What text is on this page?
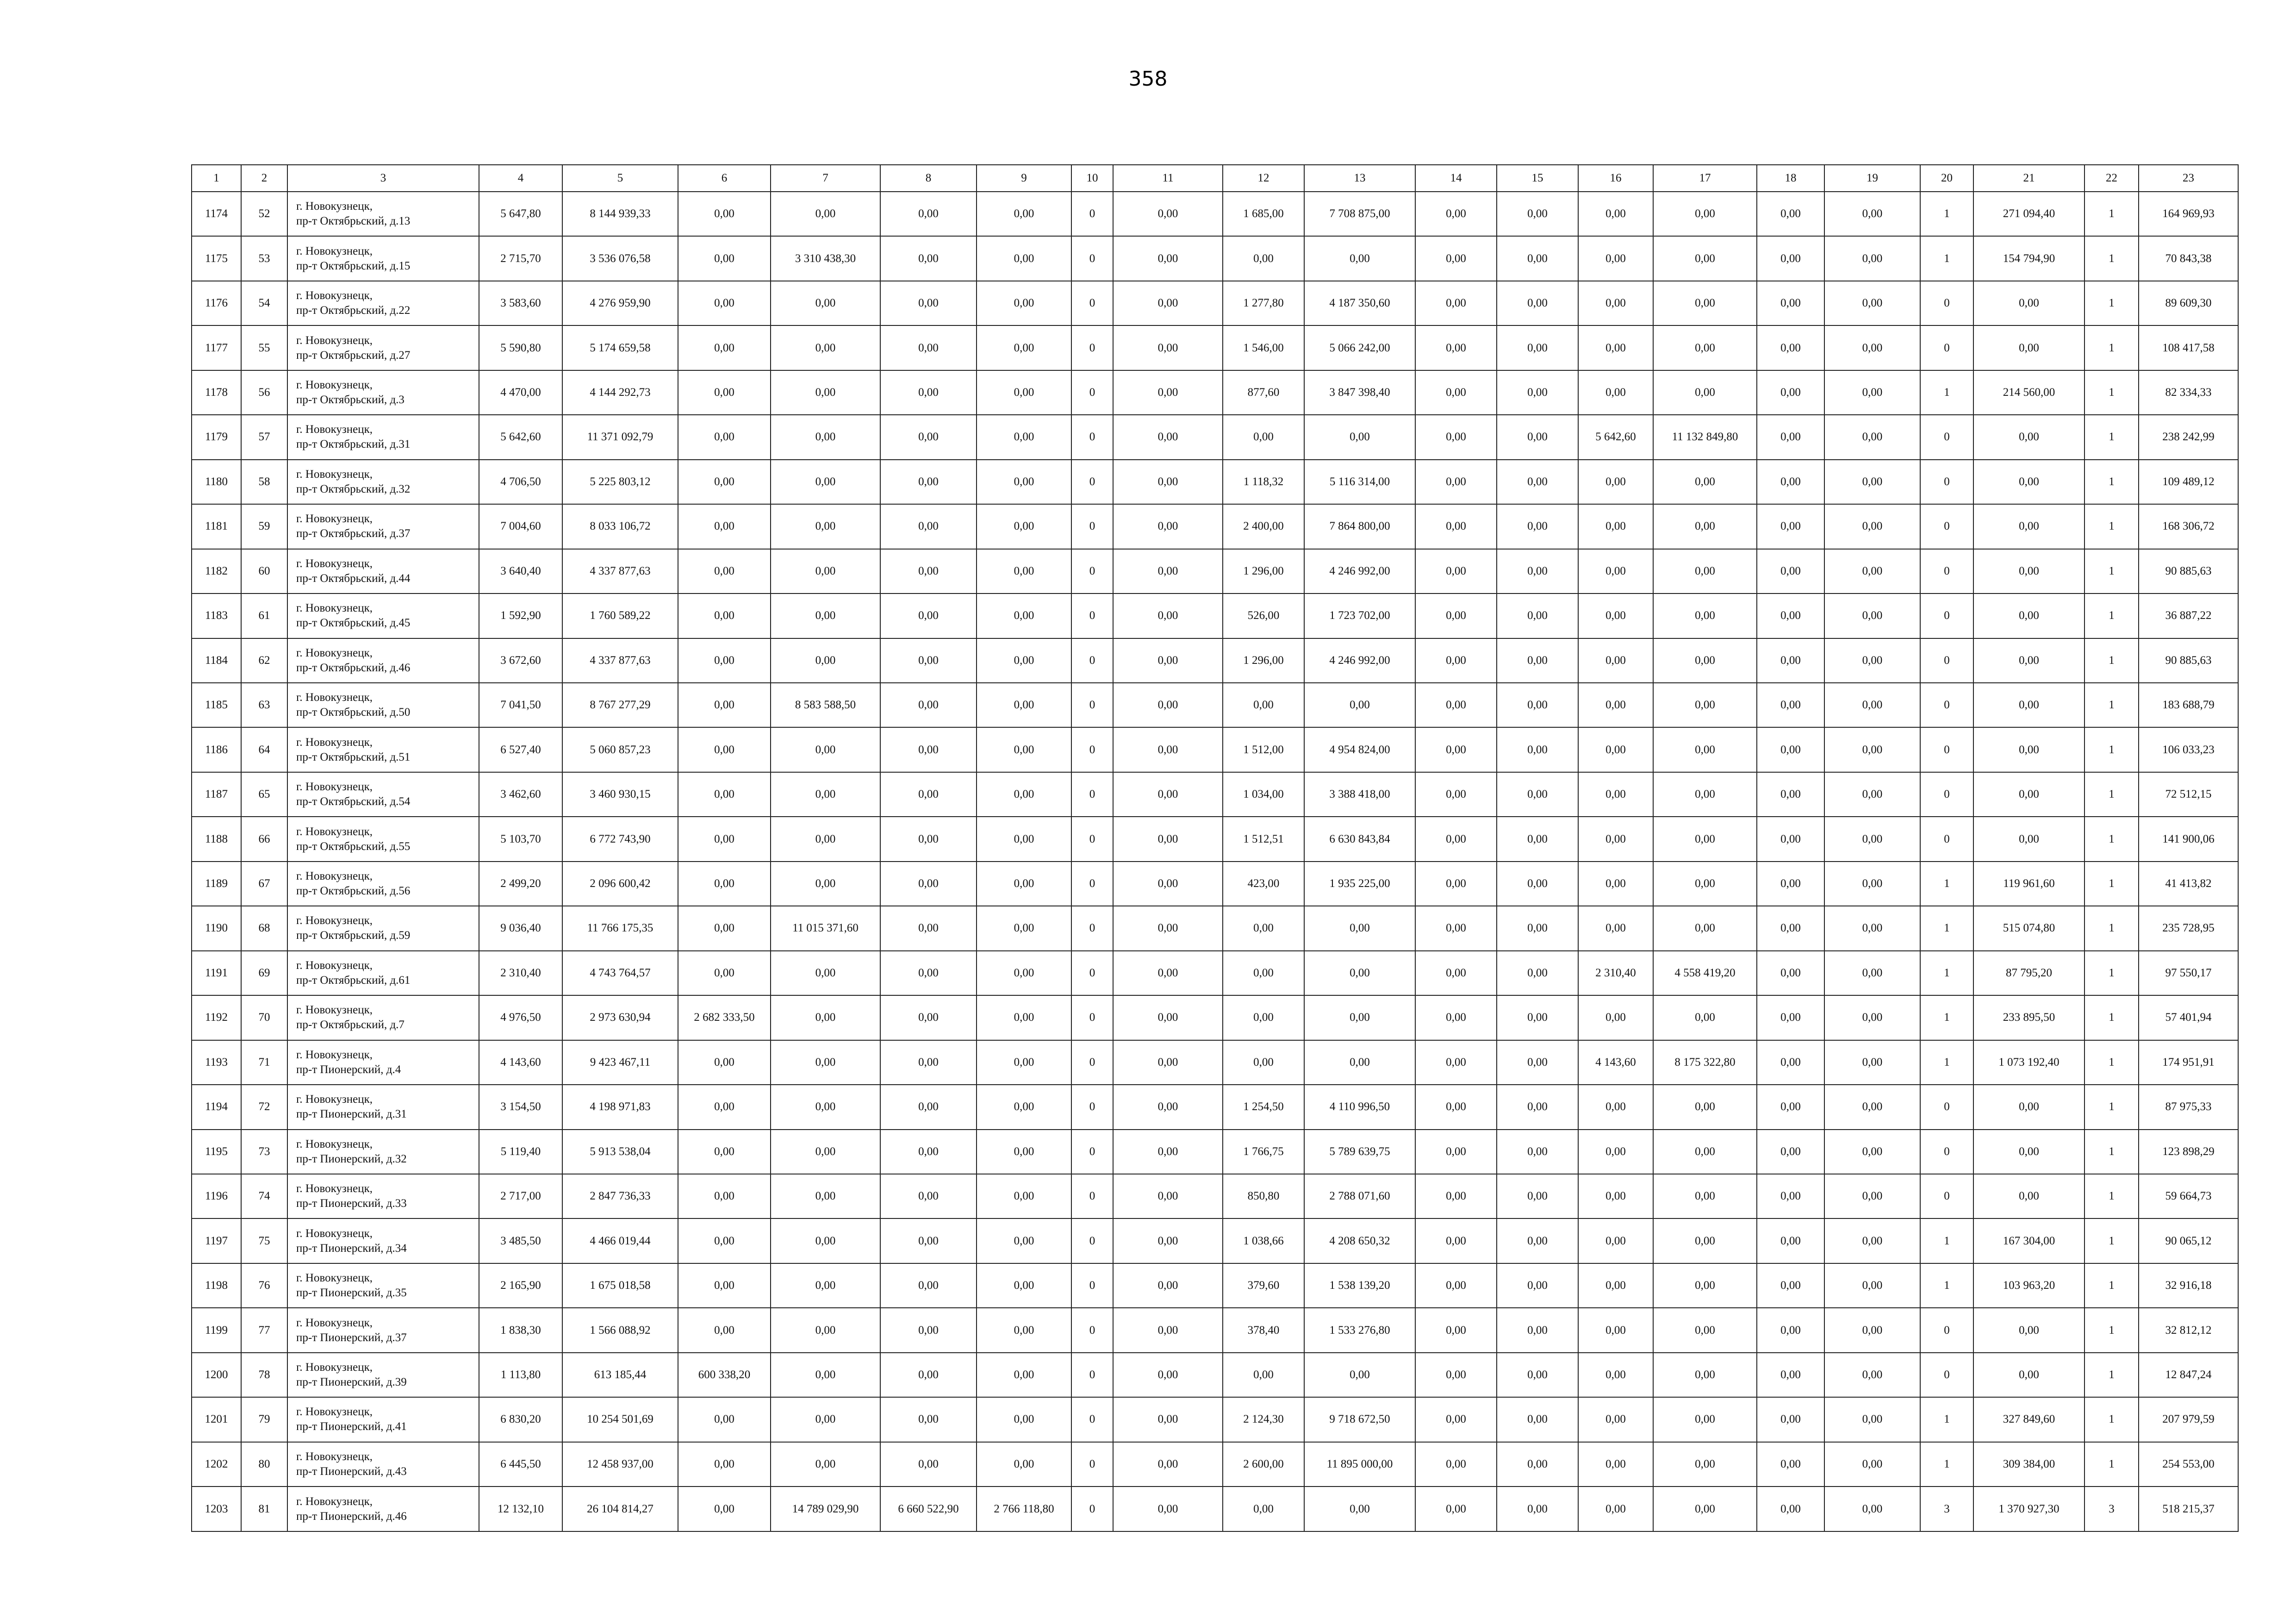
358
1	2	3	4	5	6	7	8	9	10	11	12	13	14	15	16	17	18	19	20	21	22	23
1174	52	г. Новокузнецк,
пр-т Октябрьский, д.13	5 647,80	8 144 939,33	0,00	0,00	0,00	0,00	0	0,00	1 685,00	7 708 875,00	0,00	0,00	0,00	0,00	0,00	0,00	1	271 094,40	1	164 969,93
1175	53	г. Новокузнецк,
пр-т Октябрьский, д.15	2 715,70	3 536 076,58	0,00	3 310 438,30	0,00	0,00	0	0,00	0,00	0,00	0,00	0,00	0,00	0,00	0,00	0,00	1	154 794,90	1	70 843,38
1176	54	г. Новокузнецк,
пр-т Октябрьский, д.22	3 583,60	4 276 959,90	0,00	0,00	0,00	0,00	0	0,00	1 277,80	4 187 350,60	0,00	0,00	0,00	0,00	0,00	0,00	0	0,00	1	89 609,30
1177	55	г. Новокузнецк,
пр-т Октябрьский, д.27	5 590,80	5 174 659,58	0,00	0,00	0,00	0,00	0	0,00	1 546,00	5 066 242,00	0,00	0,00	0,00	0,00	0,00	0,00	0	0,00	1	108 417,58
1178	56	г. Новокузнецк,
пр-т Октябрьский, д.3	4 470,00	4 144 292,73	0,00	0,00	0,00	0,00	0	0,00	877,60	3 847 398,40	0,00	0,00	0,00	0,00	0,00	0,00	1	214 560,00	1	82 334,33
1179	57	г. Новокузнецк,
пр-т Октябрьский, д.31	5 642,60	11 371 092,79	0,00	0,00	0,00	0,00	0	0,00	0,00	0,00	0,00	0,00	5 642,60	11 132 849,80	0,00	0,00	0	0,00	1	238 242,99
1180	58	г. Новокузнецк,
пр-т Октябрьский, д.32	4 706,50	5 225 803,12	0,00	0,00	0,00	0,00	0	0,00	1 118,32	5 116 314,00	0,00	0,00	0,00	0,00	0,00	0,00	0	0,00	1	109 489,12
1181	59	г. Новокузнецк,
пр-т Октябрьский, д.37	7 004,60	8 033 106,72	0,00	0,00	0,00	0,00	0	0,00	2 400,00	7 864 800,00	0,00	0,00	0,00	0,00	0,00	0,00	0	0,00	1	168 306,72
1182	60	г. Новокузнецк,
пр-т Октябрьский, д.44	3 640,40	4 337 877,63	0,00	0,00	0,00	0,00	0	0,00	1 296,00	4 246 992,00	0,00	0,00	0,00	0,00	0,00	0,00	0	0,00	1	90 885,63
1183	61	г. Новокузнецк,
пр-т Октябрьский, д.45	1 592,90	1 760 589,22	0,00	0,00	0,00	0,00	0	0,00	526,00	1 723 702,00	0,00	0,00	0,00	0,00	0,00	0,00	0	0,00	1	36 887,22
1184	62	г. Новокузнецк,
пр-т Октябрьский, д.46	3 672,60	4 337 877,63	0,00	0,00	0,00	0,00	0	0,00	1 296,00	4 246 992,00	0,00	0,00	0,00	0,00	0,00	0,00	0	0,00	1	90 885,63
1185	63	г. Новокузнецк,
пр-т Октябрьский, д.50	7 041,50	8 767 277,29	0,00	8 583 588,50	0,00	0,00	0	0,00	0,00	0,00	0,00	0,00	0,00	0,00	0,00	0,00	0	0,00	1	183 688,79
1186	64	г. Новокузнецк,
пр-т Октябрьский, д.51	6 527,40	5 060 857,23	0,00	0,00	0,00	0,00	0	0,00	1 512,00	4 954 824,00	0,00	0,00	0,00	0,00	0,00	0,00	0	0,00	1	106 033,23
1187	65	г. Новокузнецк,
пр-т Октябрьский, д.54	3 462,60	3 460 930,15	0,00	0,00	0,00	0,00	0	0,00	1 034,00	3 388 418,00	0,00	0,00	0,00	0,00	0,00	0,00	0	0,00	1	72 512,15
1188	66	г. Новокузнецк,
пр-т Октябрьский, д.55	5 103,70	6 772 743,90	0,00	0,00	0,00	0,00	0	0,00	1 512,51	6 630 843,84	0,00	0,00	0,00	0,00	0,00	0,00	0	0,00	1	141 900,06
1189	67	г. Новокузнецк,
пр-т Октябрьский, д.56	2 499,20	2 096 600,42	0,00	0,00	0,00	0,00	0	0,00	423,00	1 935 225,00	0,00	0,00	0,00	0,00	0,00	0,00	1	119 961,60	1	41 413,82
1190	68	г. Новокузнецк,
пр-т Октябрьский, д.59	9 036,40	11 766 175,35	0,00	11 015 371,60	0,00	0,00	0	0,00	0,00	0,00	0,00	0,00	0,00	0,00	0,00	0,00	1	515 074,80	1	235 728,95
1191	69	г. Новокузнецк,
пр-т Октябрьский, д.61	2 310,40	4 743 764,57	0,00	0,00	0,00	0,00	0	0,00	0,00	0,00	0,00	0,00	2 310,40	4 558 419,20	0,00	0,00	1	87 795,20	1	97 550,17
1192	70	г. Новокузнецк,
пр-т Октябрьский, д.7	4 976,50	2 973 630,94	2 682 333,50	0,00	0,00	0,00	0	0,00	0,00	0,00	0,00	0,00	0,00	0,00	0,00	0,00	1	233 895,50	1	57 401,94
1193	71	г. Новокузнецк,
пр-т Пионерский, д.4	4 143,60	9 423 467,11	0,00	0,00	0,00	0,00	0	0,00	0,00	0,00	0,00	0,00	4 143,60	8 175 322,80	0,00	0,00	1	1 073 192,40	1	174 951,91
1194	72	г. Новокузнецк,
пр-т Пионерский, д.31	3 154,50	4 198 971,83	0,00	0,00	0,00	0,00	0	0,00	1 254,50	4 110 996,50	0,00	0,00	0,00	0,00	0,00	0,00	0	0,00	1	87 975,33
1195	73	г. Новокузнецк,
пр-т Пионерский, д.32	5 119,40	5 913 538,04	0,00	0,00	0,00	0,00	0	0,00	1 766,75	5 789 639,75	0,00	0,00	0,00	0,00	0,00	0,00	0	0,00	1	123 898,29
1196	74	г. Новокузнецк,
пр-т Пионерский, д.33	2 717,00	2 847 736,33	0,00	0,00	0,00	0,00	0	0,00	850,80	2 788 071,60	0,00	0,00	0,00	0,00	0,00	0,00	0	0,00	1	59 664,73
1197	75	г. Новокузнецк,
пр-т Пионерский, д.34	3 485,50	4 466 019,44	0,00	0,00	0,00	0,00	0	0,00	1 038,66	4 208 650,32	0,00	0,00	0,00	0,00	0,00	0,00	1	167 304,00	1	90 065,12
1198	76	г. Новокузнецк,
пр-т Пионерский, д.35	2 165,90	1 675 018,58	0,00	0,00	0,00	0,00	0	0,00	379,60	1 538 139,20	0,00	0,00	0,00	0,00	0,00	0,00	1	103 963,20	1	32 916,18
1199	77	г. Новокузнецк,
пр-т Пионерский, д.37	1 838,30	1 566 088,92	0,00	0,00	0,00	0,00	0	0,00	378,40	1 533 276,80	0,00	0,00	0,00	0,00	0,00	0,00	0	0,00	1	32 812,12
1200	78	г. Новокузнецк,
пр-т Пионерский, д.39	1 113,80	613 185,44	600 338,20	0,00	0,00	0,00	0	0,00	0,00	0,00	0,00	0,00	0,00	0,00	0,00	0,00	0	0,00	1	12 847,24
1201	79	г. Новокузнецк,
пр-т Пионерский, д.41	6 830,20	10 254 501,69	0,00	0,00	0,00	0,00	0	0,00	2 124,30	9 718 672,50	0,00	0,00	0,00	0,00	0,00	0,00	1	327 849,60	1	207 979,59
1202	80	г. Новокузнецк,
пр-т Пионерский, д.43	6 445,50	12 458 937,00	0,00	0,00	0,00	0,00	0	0,00	2 600,00	11 895 000,00	0,00	0,00	0,00	0,00	0,00	0,00	1	309 384,00	1	254 553,00
1203	81	г. Новокузнецк,
пр-т Пионерский, д.46	12 132,10	26 104 814,27	0,00	14 789 029,90	6 660 522,90	2 766 118,80	0	0,00	0,00	0,00	0,00	0,00	0,00	0,00	0,00	0,00	3	1 370 927,30	3	518 215,37
